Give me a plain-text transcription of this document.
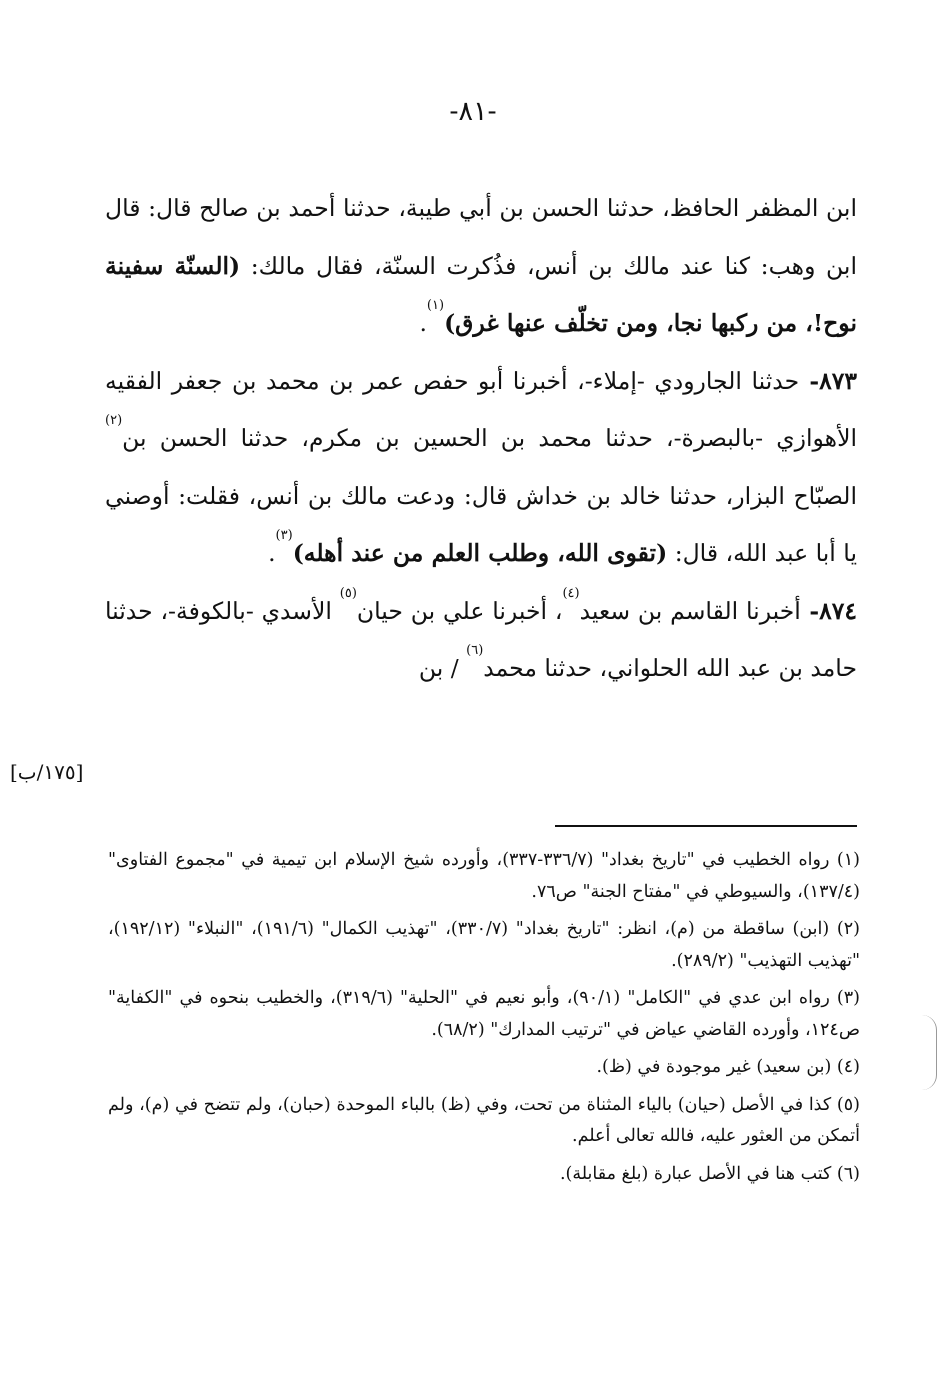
-٨١-

ابن المظفر الحافظ، حدثنا الحسن بن أبي طيبة، حدثنا أحمد بن صالح قال: قال ابن وهب: كنا عند مالك بن أنس، فذُكرت السنّة، فقال مالك: (السنّة سفينة نوح!، من ركبها نجا، ومن تخلّف عنها غرق)$^{(١)}$.

٨٧٣- حدثنا الجارودي -إملاء-، أخبرنا أبو حفص عمر بن محمد بن جعفر الفقيه الأهوازي -بالبصرة-، حدثنا محمد بن الحسين بن مكرم، حدثنا الحسن بن$^{(٢)}$ الصبّاح البزار، حدثنا خالد بن خداش قال: ودعت مالك بن أنس، فقلت: أوصني يا أبا عبد الله، قال: (تقوى الله، وطلب العلم من عند أهله)$^{(٣)}$.

٨٧٤- أخبرنا القاسم بن سعيد$^{(٤)}$، أخبرنا علي بن حيان$^{(٥)}$ الأسدي -بالكوفة-، حدثنا حامد بن عبد الله الحلواني، حدثنا محمد$^{(٦)}$ / بن

[١٧٥/ب]

(١) رواه الخطيب في "تاريخ بغداد" (٣٣٦/٧-٣٣٧)، وأورده شيخ الإسلام ابن تيمية في "مجموع الفتاوى" (١٣٧/٤)، والسيوطي في "مفتاح الجنة" ص٧٦.

(٢) (ابن) ساقطة من (م)، انظر: "تاريخ بغداد" (٣٣٠/٧)، "تهذيب الكمال" (١٩١/٦)، "النبلاء" (١٩٢/١٢)، "تهذيب التهذيب" (٢٨٩/٢).

(٣) رواه ابن عدي في "الكامل" (٩٠/١)، وأبو نعيم في "الحلية" (٣١٩/٦)، والخطيب بنحوه في "الكفاية" ص١٢٤، وأورده القاضي عياض في "ترتيب المدارك" (٦٨/٢).

(٤) (بن سعيد) غير موجودة في (ظ).

(٥) كذا في الأصل (حيان) بالياء المثناة من تحت، وفي (ظ) بالباء الموحدة (حبان)، ولم تتضح في (م)، ولم أتمكن من العثور عليه، فالله تعالى أعلم.

(٦) كتب هنا في الأصل عبارة (بلغ مقابلة).
